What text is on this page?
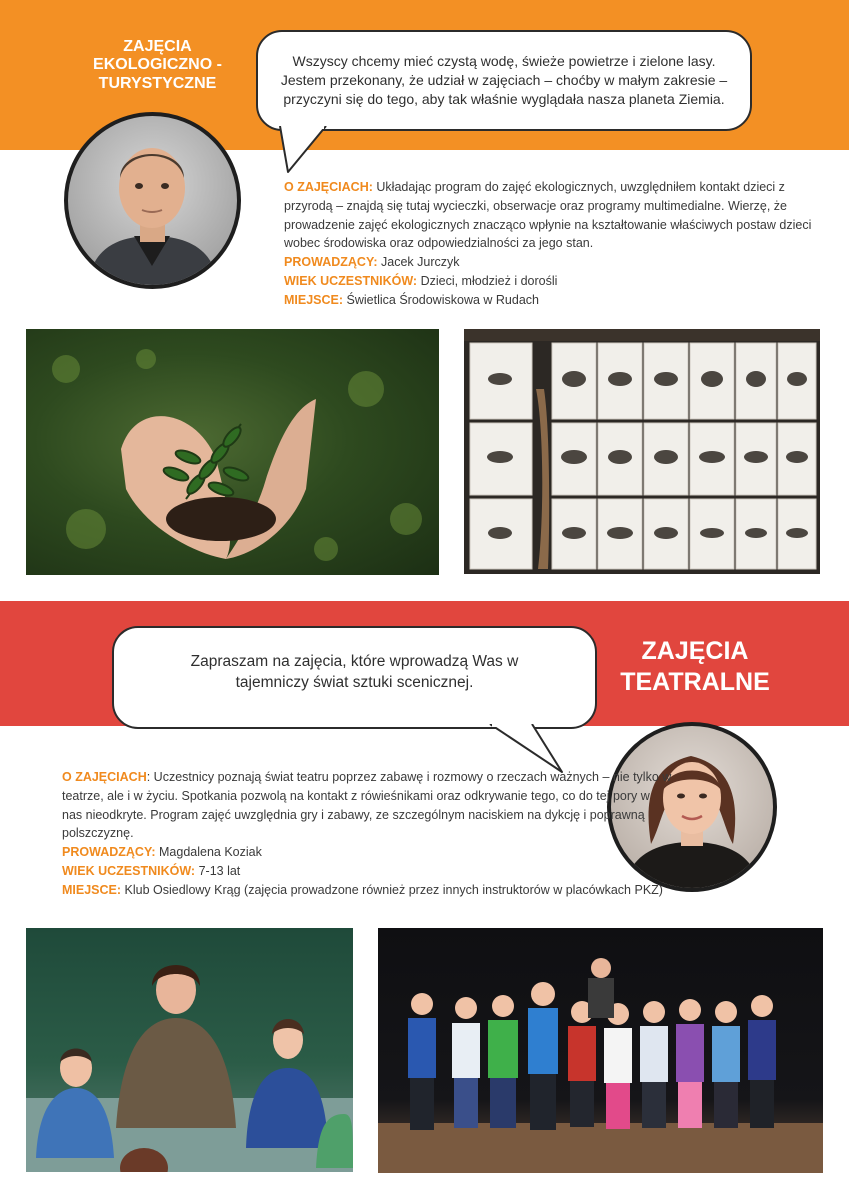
ZAJĘCIA EKOLOGICZNO - TURYSTYCZNE
Wszyscy chcemy mieć czystą wodę, świeże powietrze i zielone lasy. Jestem przekonany, że udział w zajęciach – choćby w małym zakresie – przyczyni się do tego, aby tak właśnie wyglądała nasza planeta Ziemia.
O ZAJĘCIACH: Układając program do zajęć ekologicznych, uwzględniłem kontakt dzieci z przyrodą – znajdą się tutaj wycieczki, obserwacje oraz programy multimedialne. Wierzę, że prowadzenie zajęć ekologicznych znacząco wpłynie na kształtowanie właściwych postaw dzieci wobec środowiska oraz odpowiedzialności za jego stan.
PROWADZĄCY: Jacek Jurczyk
WIEK UCZESTNIKÓW: Dzieci, młodzież i dorośli
MIEJSCE: Świetlica Środowiskowa w Rudach
ZAJĘCIA TEATRALNE
Zapraszam na zajęcia, które wprowadzą Was w tajemniczy świat sztuki scenicznej.
O ZAJĘCIACH: Uczestnicy poznają świat teatru poprzez zabawę i rozmowy o rzeczach ważnych – nie tylko w teatrze, ale i w życiu. Spotkania pozwolą na kontakt z rówieśnikami oraz odkrywanie tego, co do tej pory w nas nieodkryte. Program zajęć uwzględnia gry i zabawy, ze szczególnym naciskiem na dykcję i poprawną polszczyznę.
PROWADZĄCY: Magdalena Koziak
WIEK UCZESTNIKÓW: 7-13 lat
MIEJSCE: Klub Osiedlowy Krąg (zajęcia prowadzone również przez innych instruktorów w placówkach PKZ)
